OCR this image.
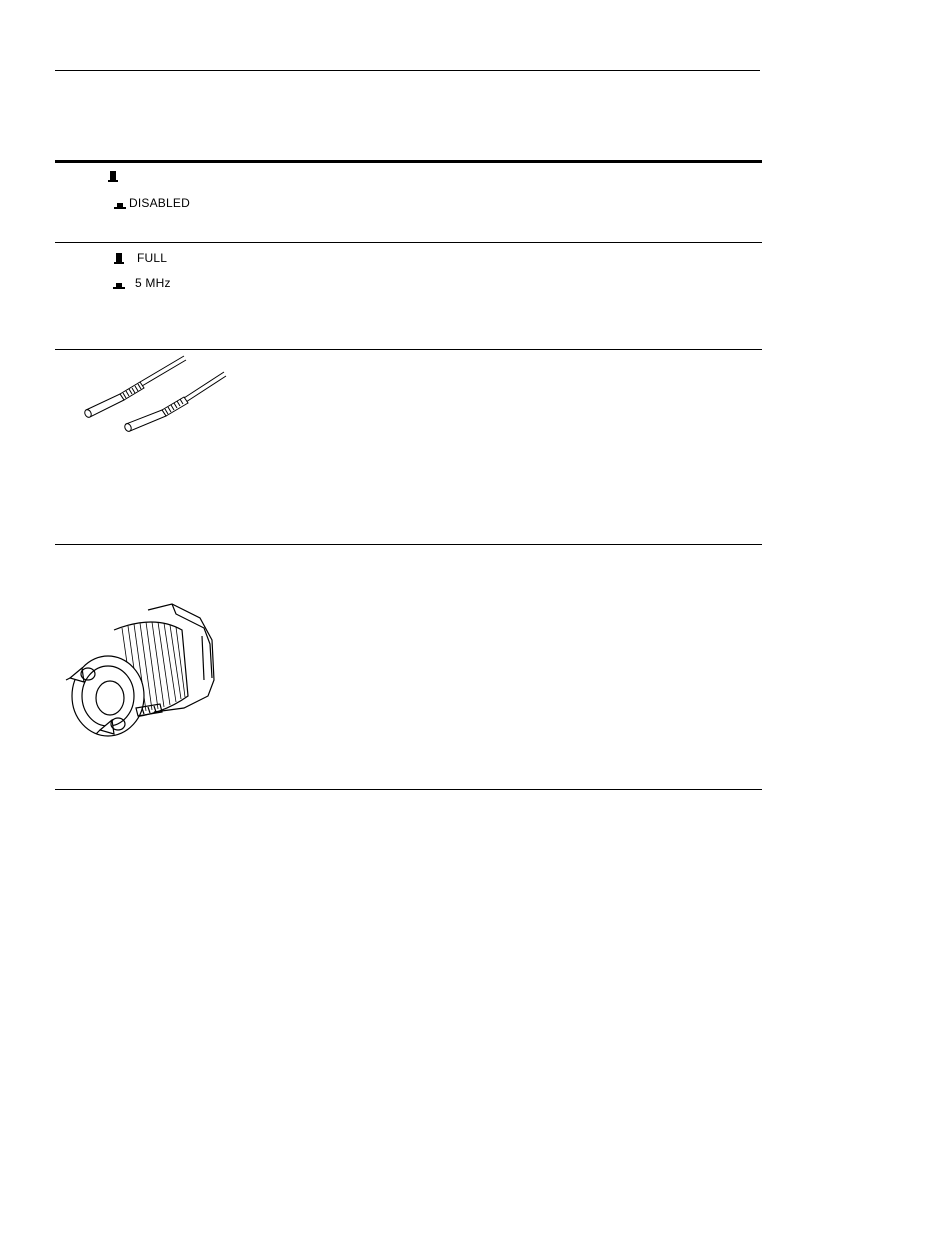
DISABLED
FULL
5 MHz
